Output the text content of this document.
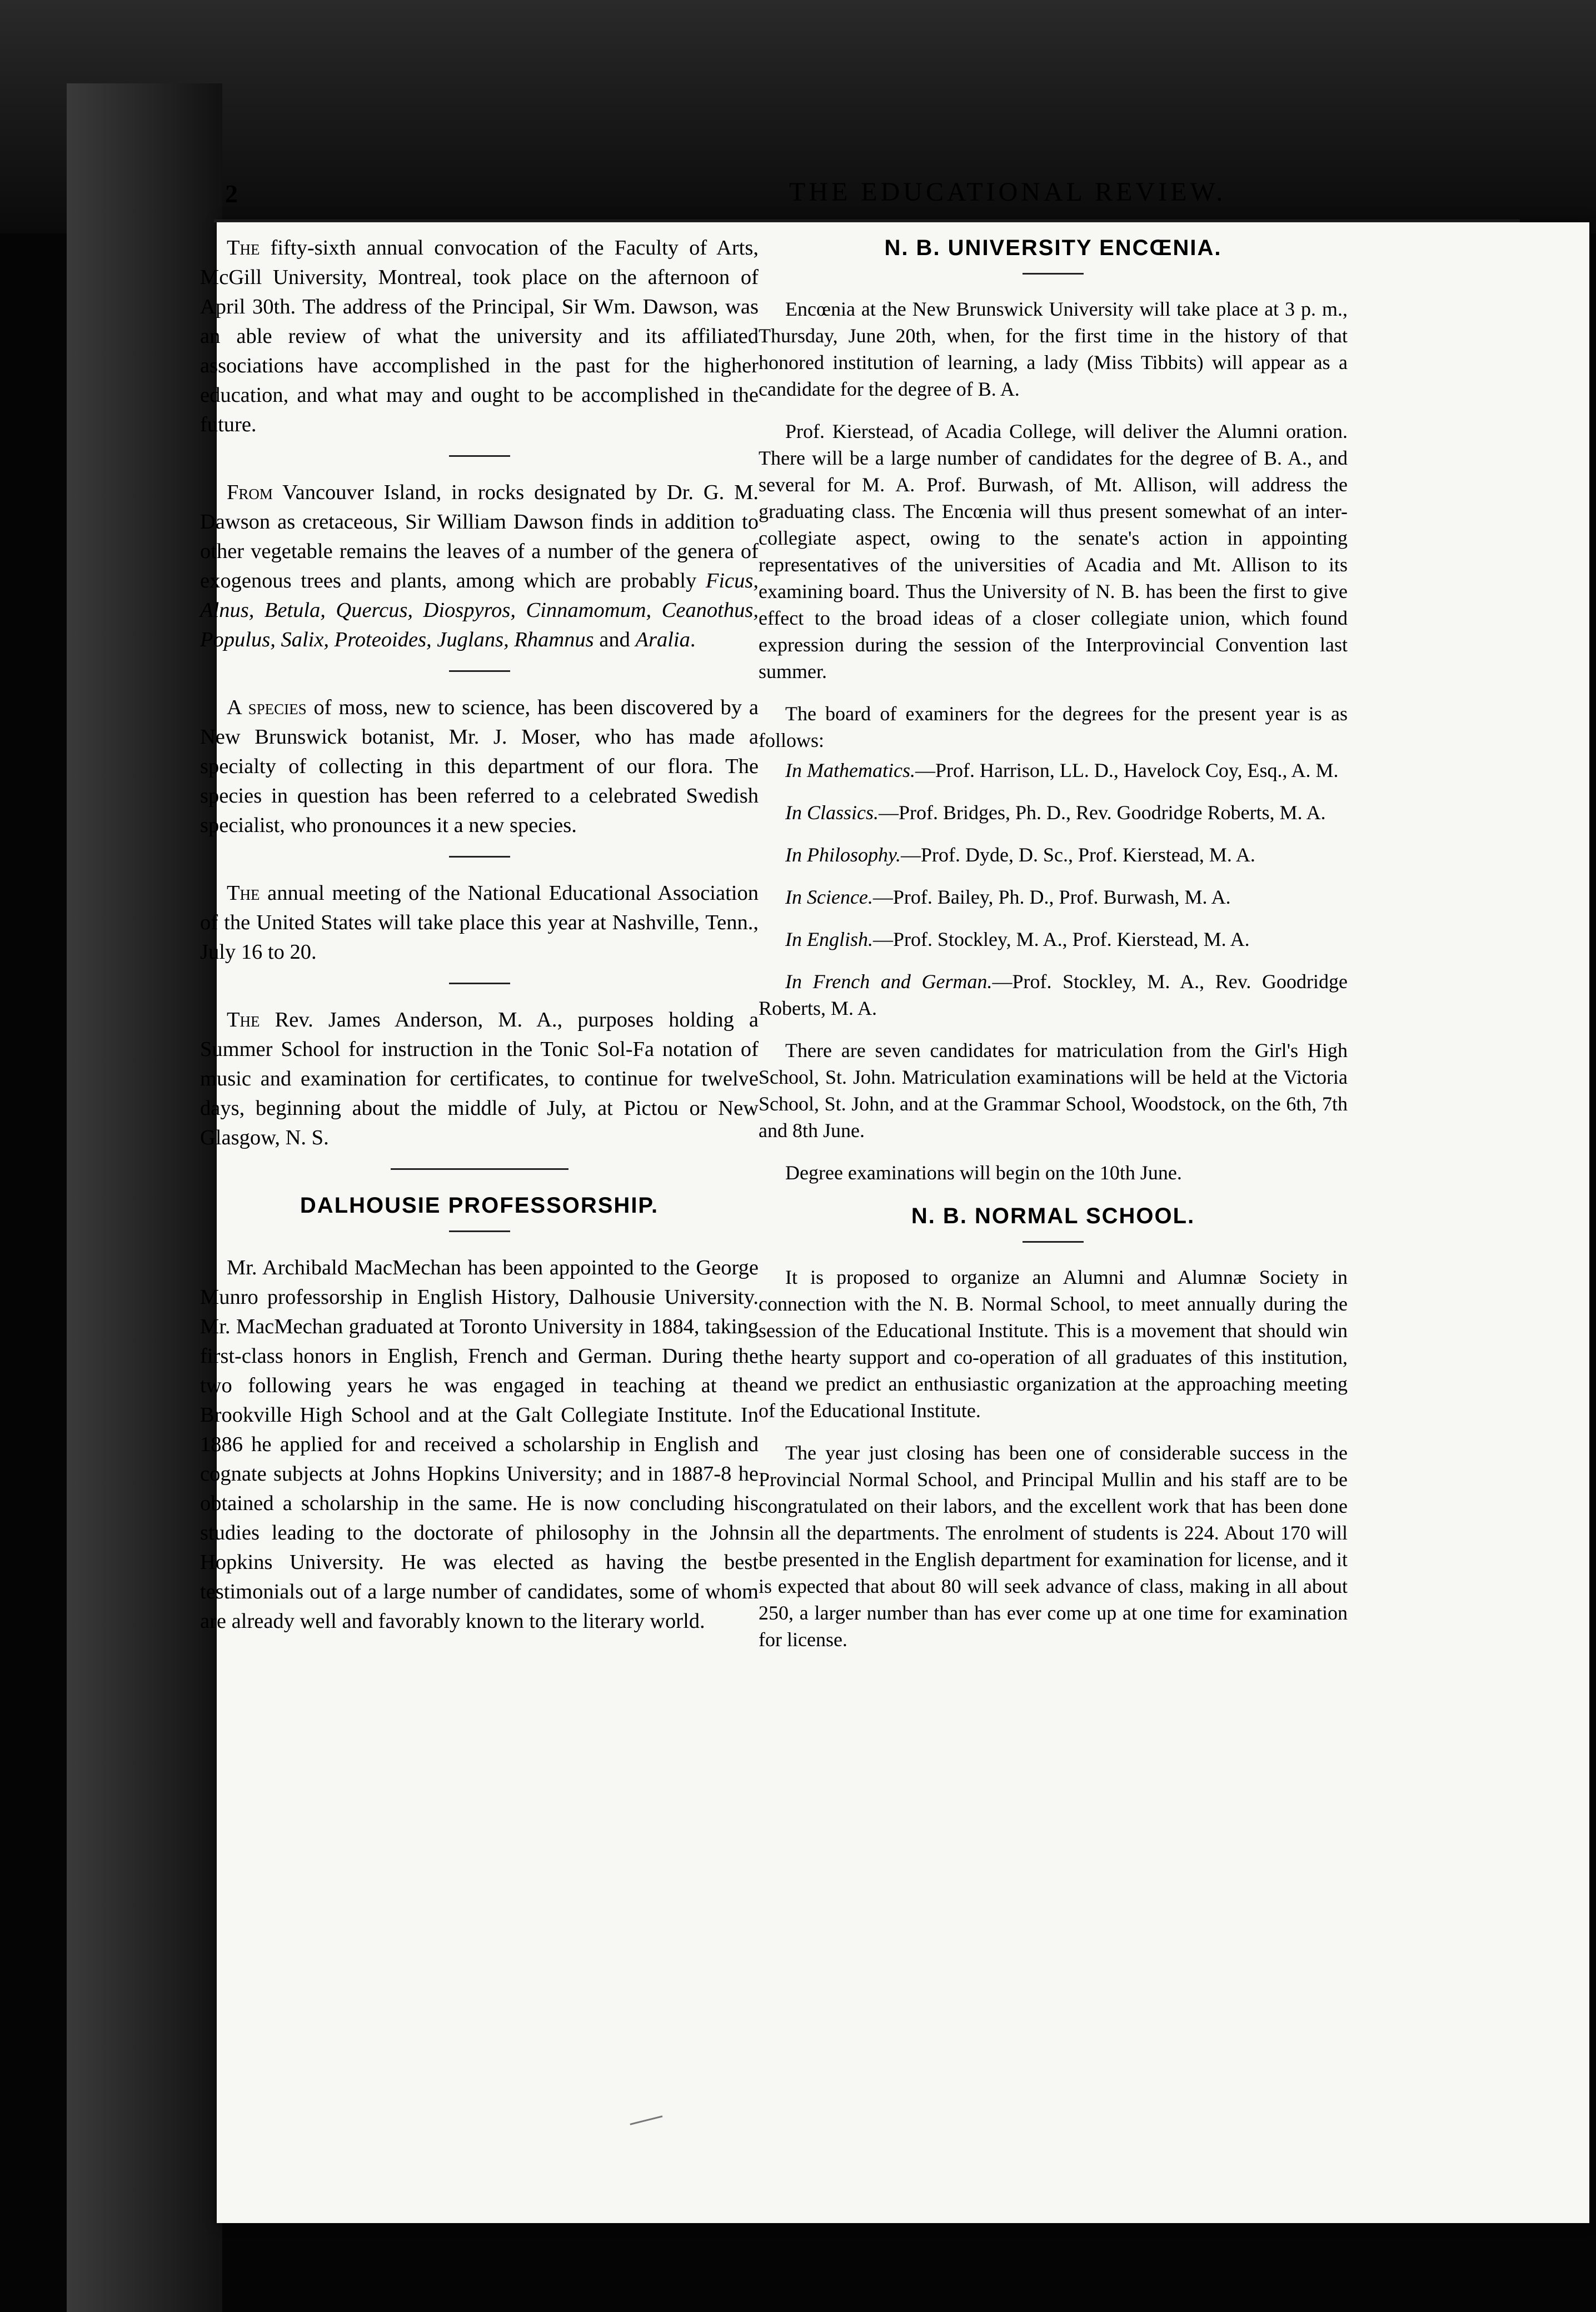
2	THE EDUCATIONAL REVIEW.

The fifty-sixth annual convocation of the Faculty of Arts, McGill University, Montreal, took place on the afternoon of April 30th. The address of the Principal, Sir Wm. Dawson, was an able review of what the university and its affiliated associations have accomplished in the past for the higher education, and what may and ought to be accomplished in the future.

From Vancouver Island, in rocks designated by Dr. G. M. Dawson as cretaceous, Sir William Dawson finds in addition to other vegetable remains the leaves of a number of the genera of exogenous trees and plants, among which are probably Ficus, Alnus, Betula, Quercus, Diospyros, Cinnamomum, Ceanothus, Populus, Salix, Proteoides, Juglans, Rhamnus and Aralia.

A species of moss, new to science, has been discovered by a New Brunswick botanist, Mr. J. Moser, who has made a specialty of collecting in this department of our flora. The species in question has been referred to a celebrated Swedish specialist, who pronounces it a new species.

The annual meeting of the National Educational Association of the United States will take place this year at Nashville, Tenn., July 16 to 20.

The Rev. James Anderson, M. A., purposes holding a Summer School for instruction in the Tonic Sol-Fa notation of music and examination for certificates, to continue for twelve days, beginning about the middle of July, at Pictou or New Glasgow, N. S.

DALHOUSIE PROFESSORSHIP.

Mr. Archibald MacMechan has been appointed to the George Munro professorship in English History, Dalhousie University. Mr. MacMechan graduated at Toronto University in 1884, taking first-class honors in English, French and German. During the two following years he was engaged in teaching at the Brookville High School and at the Galt Collegiate Institute. In 1886 he applied for and received a scholarship in English and cognate subjects at Johns Hopkins University; and in 1887-8 he obtained a scholarship in the same. He is now concluding his studies leading to the doctorate of philosophy in the Johns Hopkins University. He was elected as having the best testimonials out of a large number of candidates, some of whom are already well and favorably known to the literary world.

N. B. UNIVERSITY ENCŒNIA.

Encœnia at the New Brunswick University will take place at 3 p. m., Thursday, June 20th, when, for the first time in the history of that honored institution of learning, a lady (Miss Tibbits) will appear as a candidate for the degree of B. A.

Prof. Kierstead, of Acadia College, will deliver the Alumni oration. There will be a large number of candidates for the degree of B. A., and several for M. A. Prof. Burwash, of Mt. Allison, will address the graduating class. The Encœnia will thus present somewhat of an inter-collegiate aspect, owing to the senate's action in appointing representatives of the universities of Acadia and Mt. Allison to its examining board. Thus the University of N. B. has been the first to give effect to the broad ideas of a closer collegiate union, which found expression during the session of the Interprovincial Convention last summer.

The board of examiners for the degrees for the present year is as follows:

In Mathematics.—Prof. Harrison, LL. D., Havelock Coy, Esq., A. M.

In Classics.—Prof. Bridges, Ph. D., Rev. Goodridge Roberts, M. A.

In Philosophy.—Prof. Dyde, D. Sc., Prof. Kierstead, M. A.

In Science.—Prof. Bailey, Ph. D., Prof. Burwash, M. A.

In English.—Prof. Stockley, M. A., Prof. Kierstead, M. A.

In French and German.—Prof. Stockley, M. A., Rev. Goodridge Roberts, M. A.

There are seven candidates for matriculation from the Girl's High School, St. John. Matriculation examinations will be held at the Victoria School, St. John, and at the Grammar School, Woodstock, on the 6th, 7th and 8th June.

Degree examinations will begin on the 10th June.

N. B. NORMAL SCHOOL.

It is proposed to organize an Alumni and Alumnæ Society in connection with the N. B. Normal School, to meet annually during the session of the Educational Institute. This is a movement that should win the hearty support and co-operation of all graduates of this institution, and we predict an enthusiastic organization at the approaching meeting of the Educational Institute.

The year just closing has been one of considerable success in the Provincial Normal School, and Principal Mullin and his staff are to be congratulated on their labors, and the excellent work that has been done in all the departments. The enrolment of students is 224. About 170 will be presented in the English department for examination for license, and it is expected that about 80 will seek advance of class, making in all about 250, a larger number than has ever come up at one time for examination for license.
